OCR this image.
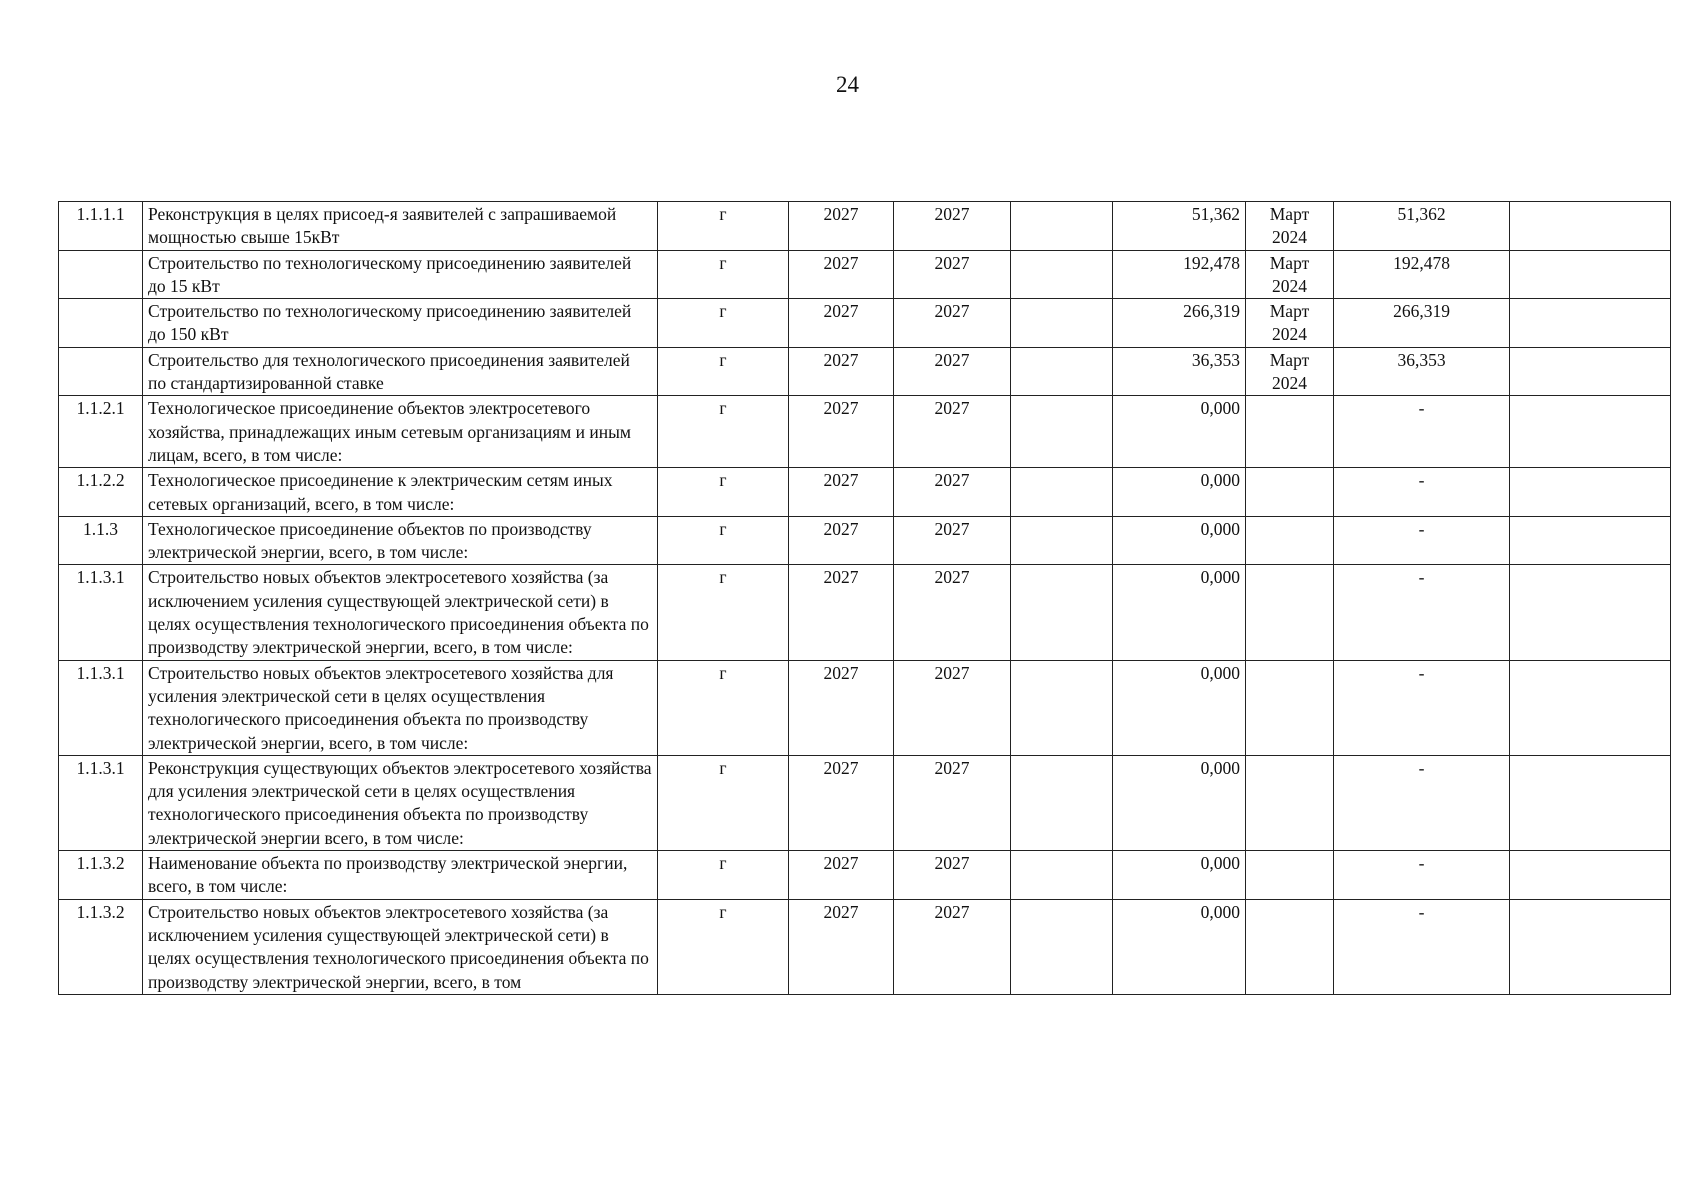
24
1.1.1.1	Реконструкция в целях присоед-я заявителей с запрашиваемой мощностью свыше 15кВт	г	2027	2027		51,362	Март 2024	51,362	
	Строительство по технологическому присоединению заявителей до 15 кВт	г	2027	2027		192,478	Март 2024	192,478	
	Строительство по технологическому присоединению заявителей до 150 кВт	г	2027	2027		266,319	Март 2024	266,319	
	Строительство для технологического присоединения заявителей по стандартизированной ставке	г	2027	2027		36,353	Март 2024	36,353	
1.1.2.1	Технологическое присоединение объектов электросетевого хозяйства, принадлежащих иным сетевым организациям и иным лицам, всего, в том числе:	г	2027	2027		0,000		-	
1.1.2.2	Технологическое присоединение к электрическим сетям иных сетевых организаций, всего, в том числе:	г	2027	2027		0,000		-	
1.1.3	Технологическое присоединение объектов по производству электрической энергии, всего, в том числе:	г	2027	2027		0,000		-	
1.1.3.1	Строительство новых объектов электросетевого хозяйства (за исключением усиления существующей электрической сети) в целях осуществления технологического присоединения объекта по производству электрической энергии, всего, в том числе:	г	2027	2027		0,000		-	
1.1.3.1	Строительство новых объектов электросетевого хозяйства для усиления электрической сети в целях осуществления технологического присоединения объекта по производству электрической энергии, всего, в том числе:	г	2027	2027		0,000		-	
1.1.3.1	Реконструкция существующих объектов электросетевого хозяйства для усиления электрической сети в целях осуществления технологического присоединения объекта по производству электрической энергии всего, в том числе:	г	2027	2027		0,000		-	
1.1.3.2	Наименование объекта по производству электрической энергии, всего, в том числе:	г	2027	2027		0,000		-	
1.1.3.2	Строительство новых объектов электросетевого хозяйства (за исключением усиления существующей электрической сети) в целях осуществления технологического присоединения объекта по производству электрической энергии, всего, в том	г	2027	2027		0,000		-	
